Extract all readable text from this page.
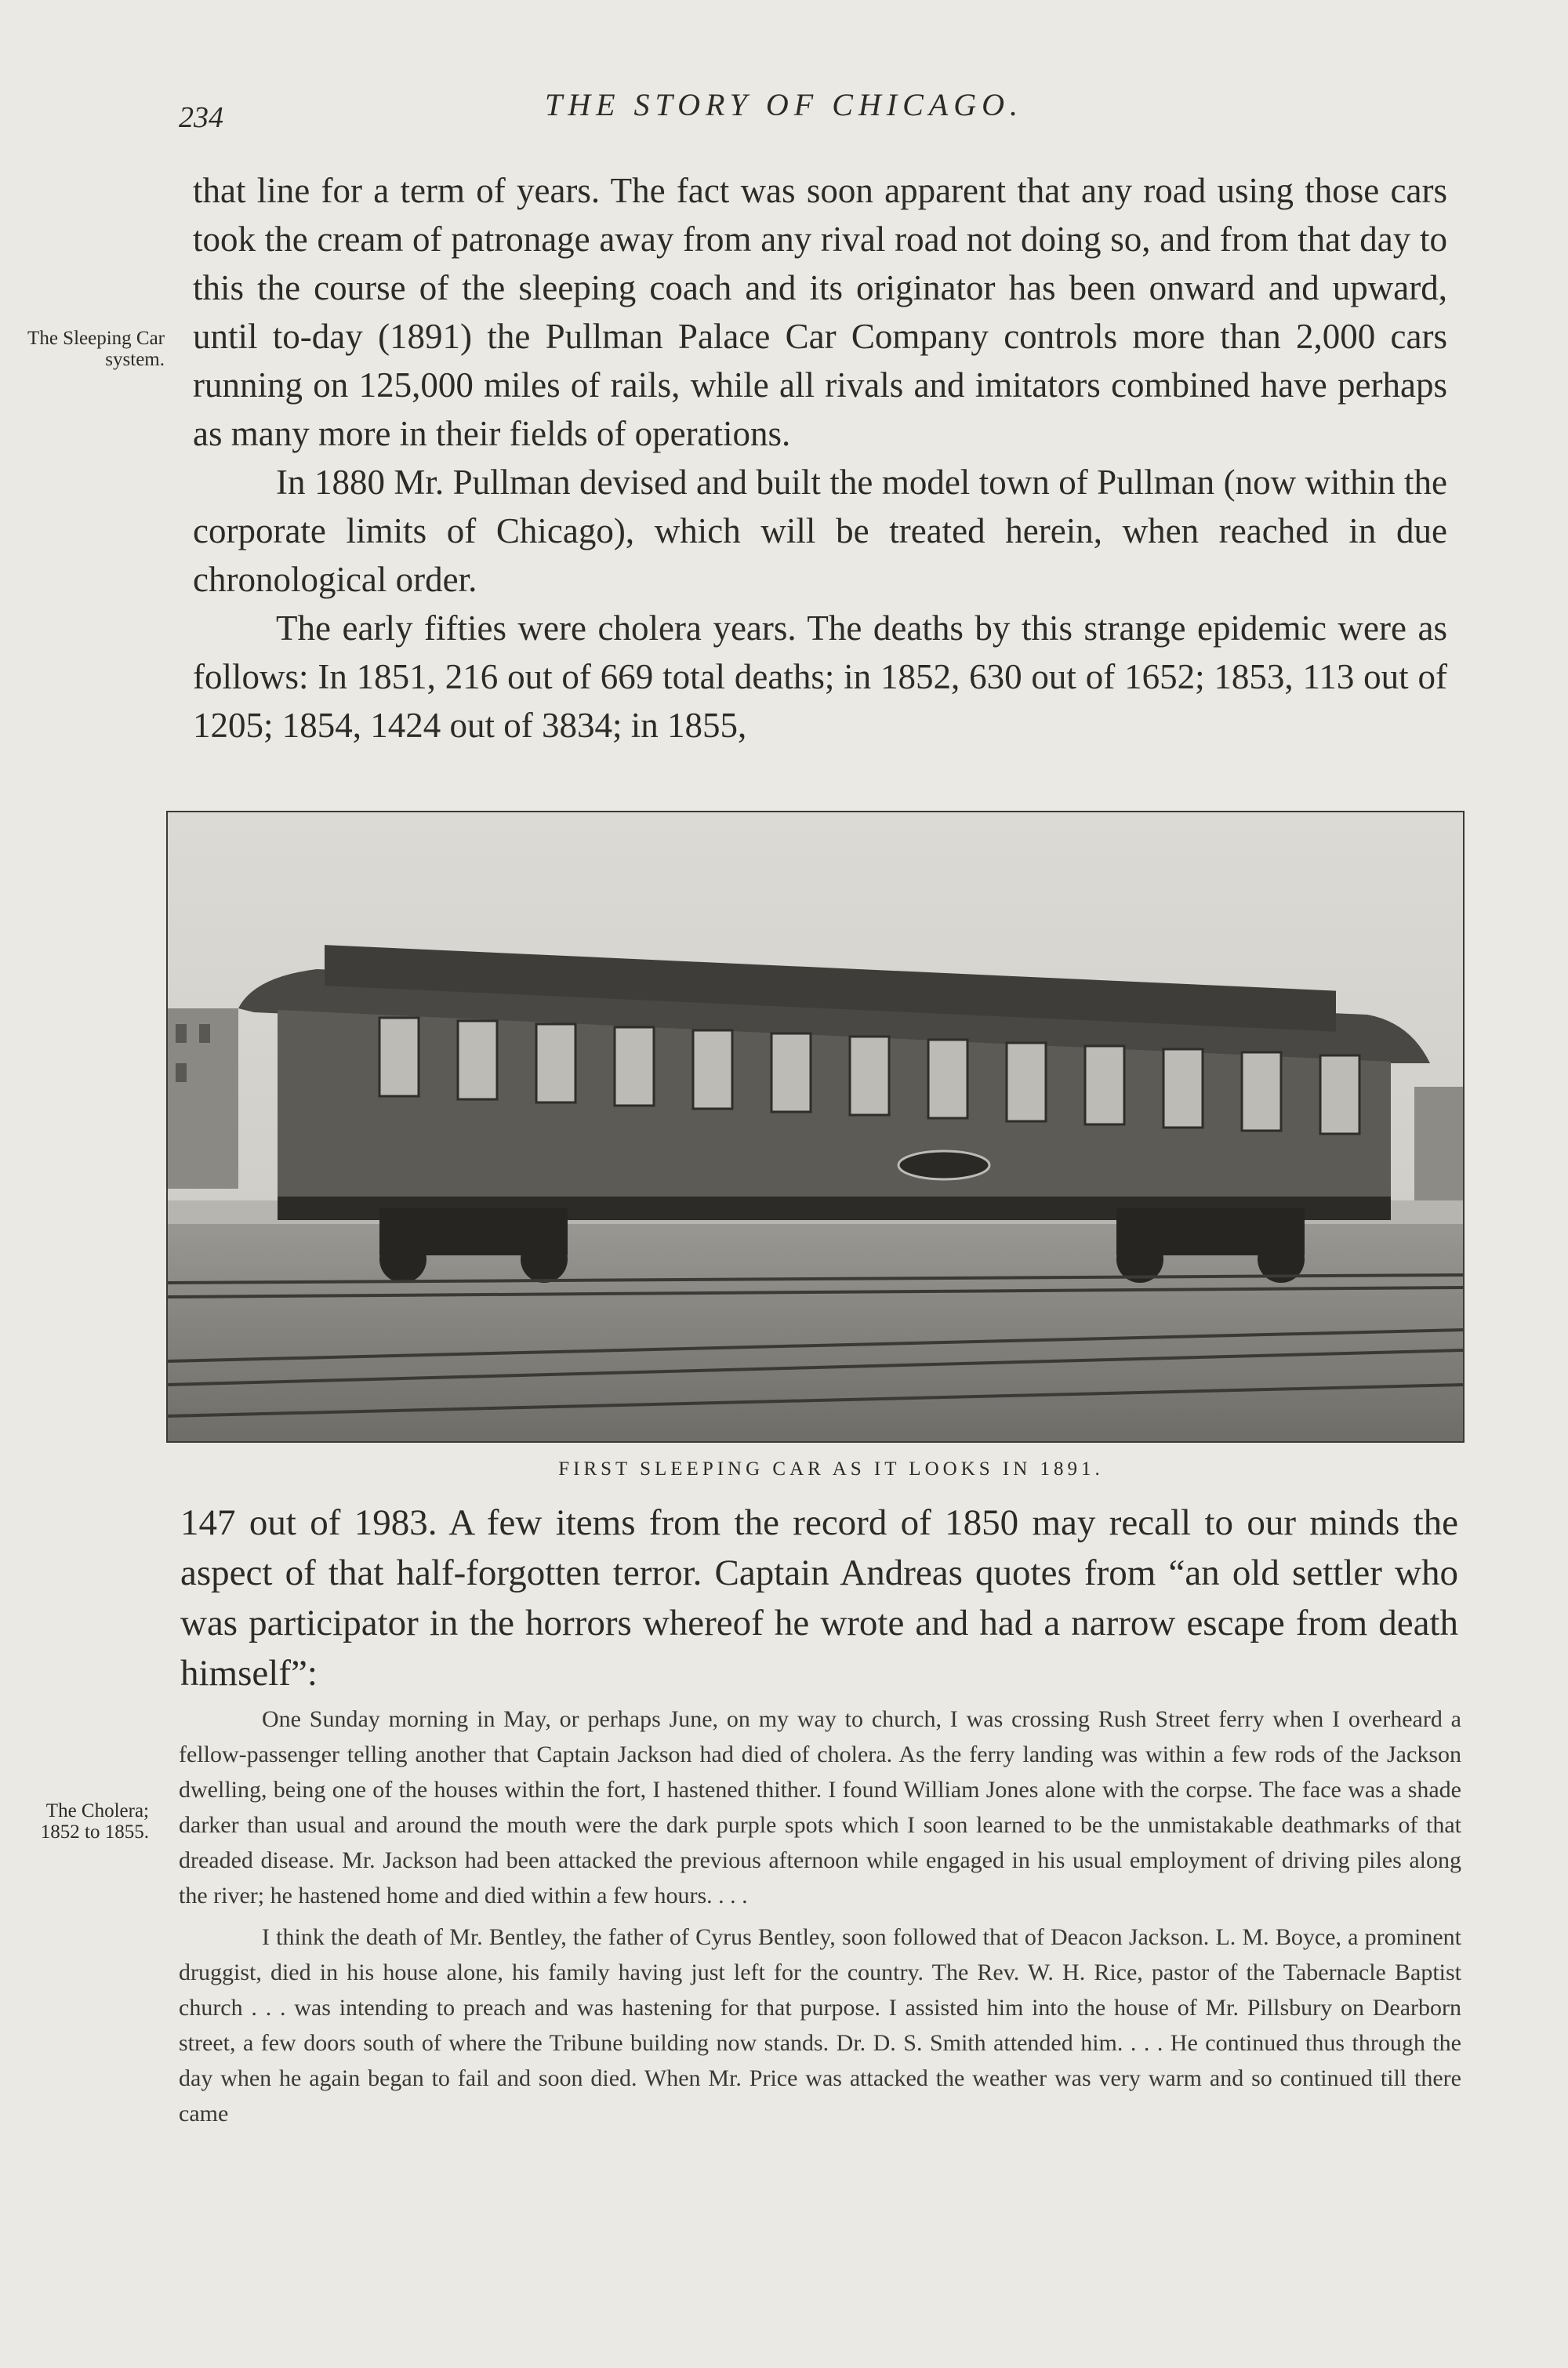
234	THE STORY OF CHICAGO.
The Sleeping Car system.
The Cholera; 1852 to 1855.

that line for a term of years. The fact was soon apparent that any road using those cars took the cream of patronage away from any rival road not doing so, and from that day to this the course of the sleeping coach and its originator has been onward and upward, until to-day (1891) the Pullman Palace Car Company controls more than 2,000 cars running on 125,000 miles of rails, while all rivals and imitators combined have perhaps as many more in their fields of operations.

In 1880 Mr. Pullman devised and built the model town of Pullman (now within the corporate limits of Chicago), which will be treated herein, when reached in due chronological order.

The early fifties were cholera years. The deaths by this strange epidemic were as follows: In 1851, 216 out of 669 total deaths; in 1852, 630 out of 1652; 1853, 113 out of 1205; 1854, 1424 out of 3834; in 1855,

FIRST SLEEPING CAR AS IT LOOKS IN 1891.

147 out of 1983. A few items from the record of 1850 may recall to our minds the aspect of that half-forgotten terror. Captain Andreas quotes from “an old settler who was participator in the horrors whereof he wrote and had a narrow escape from death himself”:

One Sunday morning in May, or perhaps June, on my way to church, I was crossing Rush Street ferry when I overheard a fellow-passenger telling another that Captain Jackson had died of cholera. As the ferry landing was within a few rods of the Jackson dwelling, being one of the houses within the fort, I hastened thither. I found William Jones alone with the corpse. The face was a shade darker than usual and around the mouth were the dark purple spots which I soon learned to be the unmistakable deathmarks of that dreaded disease. Mr. Jackson had been attacked the previous afternoon while engaged in his usual employment of driving piles along the river; he hastened home and died within a few hours. . . .

I think the death of Mr. Bentley, the father of Cyrus Bentley, soon followed that of Deacon Jackson. L. M. Boyce, a prominent druggist, died in his house alone, his family having just left for the country. The Rev. W. H. Rice, pastor of the Tabernacle Baptist church . . . was intending to preach and was hastening for that purpose. I assisted him into the house of Mr. Pillsbury on Dearborn street, a few doors south of where the Tribune building now stands. Dr. D. S. Smith attended him. . . . He continued thus through the day when he again began to fail and soon died. When Mr. Price was attacked the weather was very warm and so continued till there came
